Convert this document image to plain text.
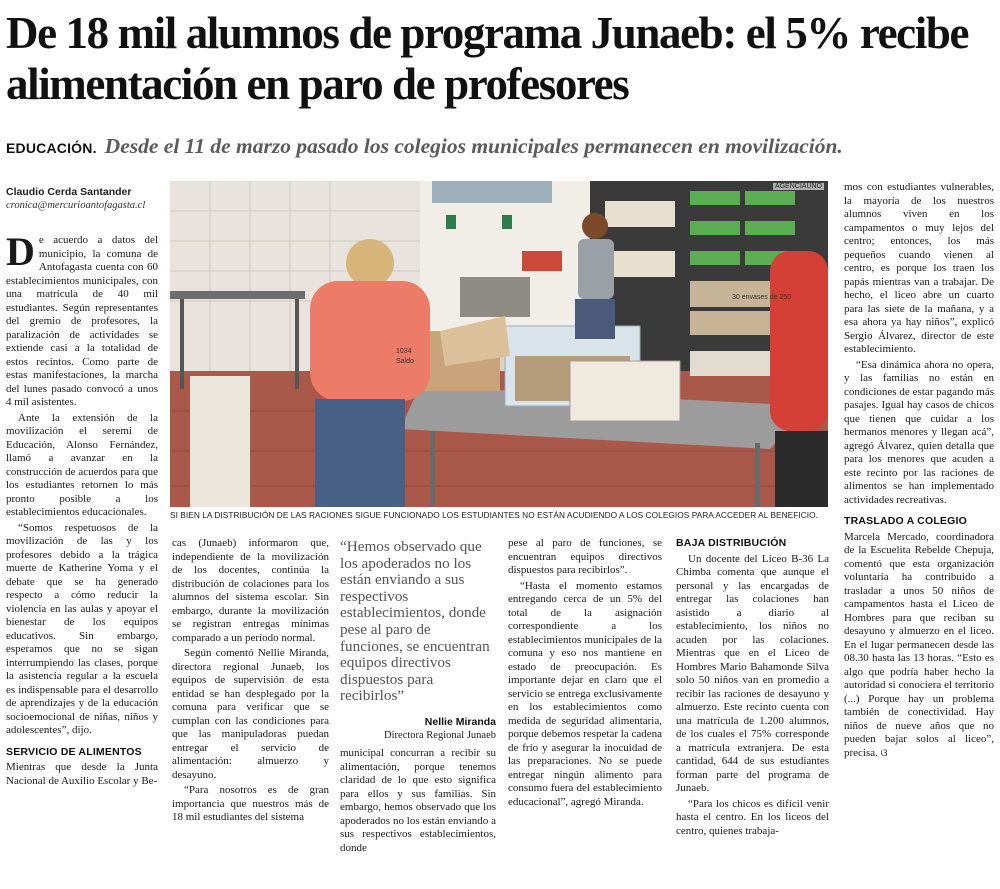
De 18 mil alumnos de programa Junaeb: el 5% recibe alimentación en paro de profesores
EDUCACIÓN. Desde el 11 de marzo pasado los colegios municipales permanecen en movilización.
Claudio Cerda Santander
cronica@mercurioantofagasta.cl
30 envases de 250
1034
Saldo
AGENCIAUNO
SI BIEN LA DISTRIBUCIÓN DE LAS RACIONES SIGUE FUNCIONADO LOS ESTUDIANTES NO ESTÁN ACUDIENDO A LOS COLEGIOS PARA ACCEDER AL BENEFICIO.

De acuerdo a datos del municipio, la comuna de Antofagasta cuenta con 60 establecimientos municipales, con una matrícula de 40 mil estudiantes. Según representantes del gremio de profesores, la paralización de actividades se extiende casi a la totalidad de estos recintos. Como parte de estas manifestaciones, la marcha del lunes pasado convocó a unos 4 mil asistentes.

Ante la extensión de la movilización el seremi de Educación, Alonso Fernández, llamó a avanzar en la construcción de acuerdos para que los estudiantes retornen lo más pronto posible a los establecimientos educacionales.

“Somos respetuosos de la movilización de las y los profesores debido a la trágica muerte de Katherine Yoma y el debate que se ha generado respecto a cómo reducir la violencia en las aulas y apoyar el bienestar de los equipos educativos. Sin embargo, esperamos que no se sigan interrumpiendo las clases, porque la asistencia regular a la escuela es indispensable para el desarrollo de aprendizajes y de la educación socioemocional de niñas, niños y adolescentes”, dijo.

SERVICIO DE ALIMENTOS

Mientras que desde la Junta Nacional de Auxilio Escolar y Be-

cas (Junaeb) informaron que, independiente de la movilización de los docentes, continúa la distribución de colaciones para los alumnos del sistema escolar. Sin embargo, durante la movilización se registran entregas mínimas comparado a un período normal.

Según comentó Nellie Miranda, directora regional Junaeb, los equipos de supervisión de esta entidad se han desplegado por la comuna para verificar que se cumplan con las condiciones para que las manipuladoras puedan entregar el servicio de alimentación: almuerzo y desayuno.

“Para nosotros es de gran importancia que nuestros más de 18 mil estudiantes del sistema

“Hemos observado que los apoderados no los están enviando a sus respectivos establecimientos, donde pese al paro de funciones, se encuentran equipos directivos dispuestos para recibirlos”

Nellie Miranda
Directora Regional Junaeb

municipal concurran a recibir su alimentación, porque tenemos claridad de lo que esto significa para ellos y sus familias. Sin embargo, hemos observado que los apoderados no los están enviando a sus respectivos establecimientos, donde

pese al paro de funciones, se encuentran equipos directivos dispuestos para recibirlos”.

“Hasta el momento estamos entregando cerca de un 5% del total de la asignación correspondiente a los establecimientos municipales de la comuna y eso nos mantiene en estado de preocupación. Es importante dejar en claro que el servicio se entrega exclusivamente en los establecimientos como medida de seguridad alimentaria, porque debemos respetar la cadena de frío y asegurar la inocuidad de las preparaciones. No se puede entregar ningún alimento para consumo fuera del establecimiento educacional”, agregó Miranda.

BAJA DISTRIBUCIÓN

Un docente del Liceo B-36 La Chimba comenta que aunque el personal y las encargadas de entregar las colaciones han asistido a diario al establecimiento, los niños no acuden por las colaciones. Mientras que en el Liceo de Hombres Mario Bahamonde Silva solo 50 niños van en promedio a recibir las raciones de desayuno y almuerzo. Este recinto cuenta con una matrícula de 1.200 alumnos, de los cuales el 75% corresponde a matrícula extranjera. De esta cantidad, 644 de sus estudiantes forman parte del programa de Junaeb.

“Para los chicos es difícil venir hasta el centro. En los liceos del centro, quienes trabaja-

mos con estudiantes vulnerables, la mayoría de los nuestros alumnos viven en los campamentos o muy lejos del centro; entonces, los más pequeños cuando vienen al centro, es porque los traen los papás mientras van a trabajar. De hecho, el liceo abre un cuarto para las siete de la mañana, y a esa ahora ya hay niños”, explicó Sergio Álvarez, director de este establecimiento.

“Esa dinámica ahora no opera, y las familias no están en condiciones de estar pagando más pasajes. Igual hay casos de chicos que tienen que cuidar a los hermanos menores y llegan acá”, agregó Álvarez, quien detalla que para los menores que acuden a este recinto por las raciones de alimentos se han implementado actividades recreativas.

TRASLADO A COLEGIO

Marcela Mercado, coordinadora de la Escuelita Rebelde Chepuja, comentó que esta organización voluntaria ha contribuido a trasladar a unos 50 niños de campamentos hasta el Liceo de Hombres para que reciban su desayuno y almuerzo en el liceo. En el lugar permanecen desde las 08.30 hasta las 13 horas. “Esto es algo que podría haber hecho la autoridad si conociera el territorio (...) Porque hay un problema también de conectividad. Hay niños de nueve años que no pueden bajar solos al liceo”, precisa. ଓ
